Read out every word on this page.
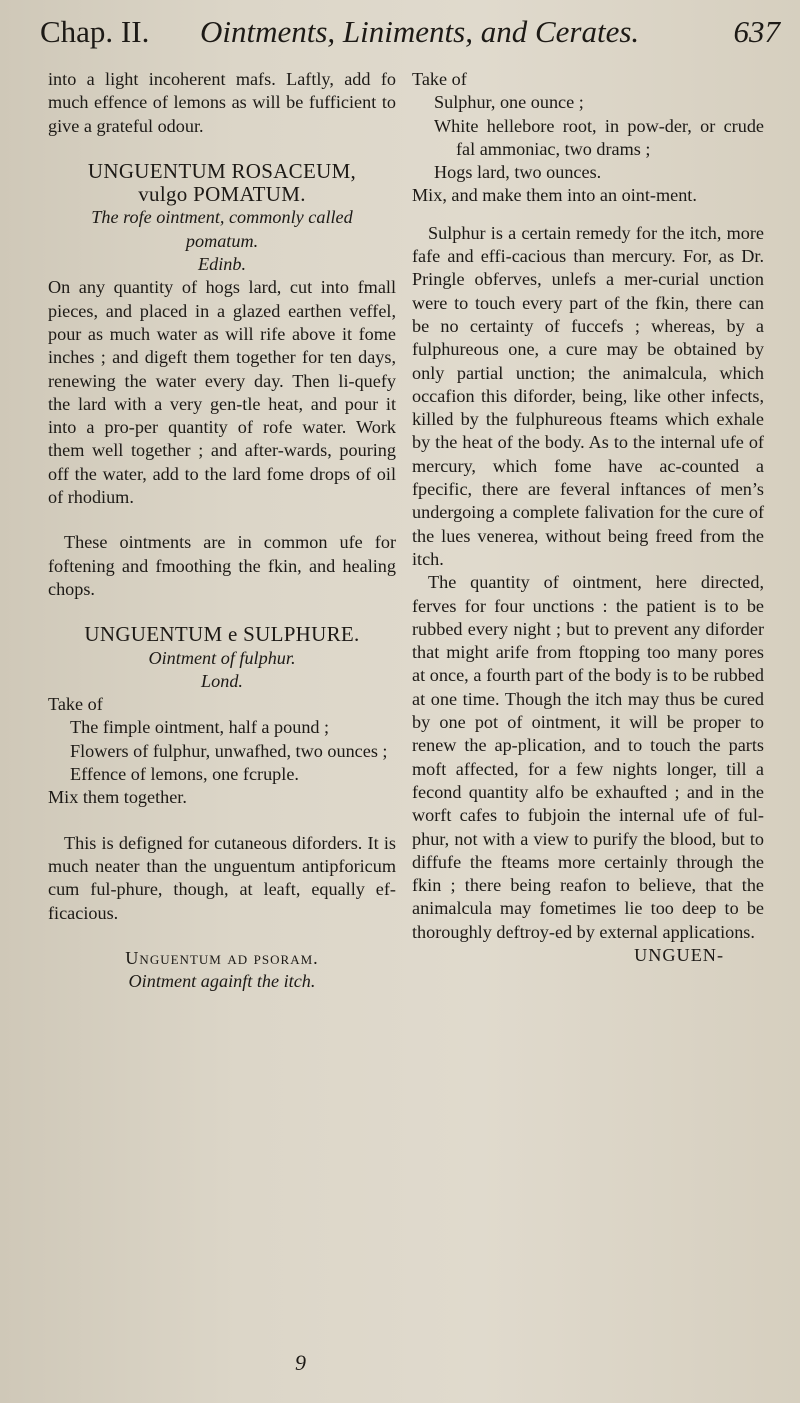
Chap. II. Ointments, Liniments, and Cerates.	637

into a light incoherent mafs. Laftly, add fo much effence of lemons as will be fufficient to give a grateful odour.

UNGUENTUM ROSACEUM,

vulgo POMATUM.

The rofe ointment, commonly called

pomatum.

Edinb.

On any quantity of hogs lard, cut into fmall pieces, and placed in a glazed earthen veffel, pour as much water as will rife above it fome inches ; and digeft them together for ten days, renewing the water every day. Then li-quefy the lard with a very gen-tle heat, and pour it into a pro-per quantity of rofe water. Work them well together ; and after-wards, pouring off the water, add to the lard fome drops of oil of rhodium.

These ointments are in common ufe for foftening and fmoothing the fkin, and healing chops.

UNGUENTUM e SULPHURE.

Ointment of fulphur.

Lond.

Take of

The fimple ointment, half a pound ;

Flowers of fulphur, unwafhed, two ounces ;

Effence of lemons, one fcruple.

Mix them together.

This is defigned for cutaneous diforders. It is much neater than the unguentum antipforicum cum ful-phure, though, at leaft, equally ef-ficacious.

Unguentum ad psoram.

Ointment againft the itch.

9

Take of

Sulphur, one ounce ;

White hellebore root, in pow-der, or crude fal ammoniac, two drams ;

Hogs lard, two ounces.

Mix, and make them into an oint-ment.

Sulphur is a certain remedy for the itch, more fafe and effi-cacious than mercury. For, as Dr. Pringle obferves, unlefs a mer-curial unction were to touch every part of the fkin, there can be no certainty of fuccefs ; whereas, by a fulphureous one, a cure may be obtained by only partial unction; the animalcula, which occafion this diforder, being, like other infects, killed by the fulphureous fteams which exhale by the heat of the body. As to the internal ufe of mercury, which fome have ac-counted a fpecific, there are feveral inftances of men’s undergoing a complete falivation for the cure of the lues venerea, without being freed from the itch.

The quantity of ointment, here directed, ferves for four unctions : the patient is to be rubbed every night ; but to prevent any diforder that might arife from ftopping too many pores at once, a fourth part of the body is to be rubbed at one time. Though the itch may thus be cured by one pot of ointment, it will be proper to renew the ap-plication, and to touch the parts moft affected, for a few nights longer, till a fecond quantity alfo be exhaufted ; and in the worft cafes to fubjoin the internal ufe of ful-phur, not with a view to purify the blood, but to diffufe the fteams more certainly through the fkin ; there being reafon to believe, that the animalcula may fometimes lie too deep to be thoroughly deftroy-ed by external applications.

UNGUEN-
